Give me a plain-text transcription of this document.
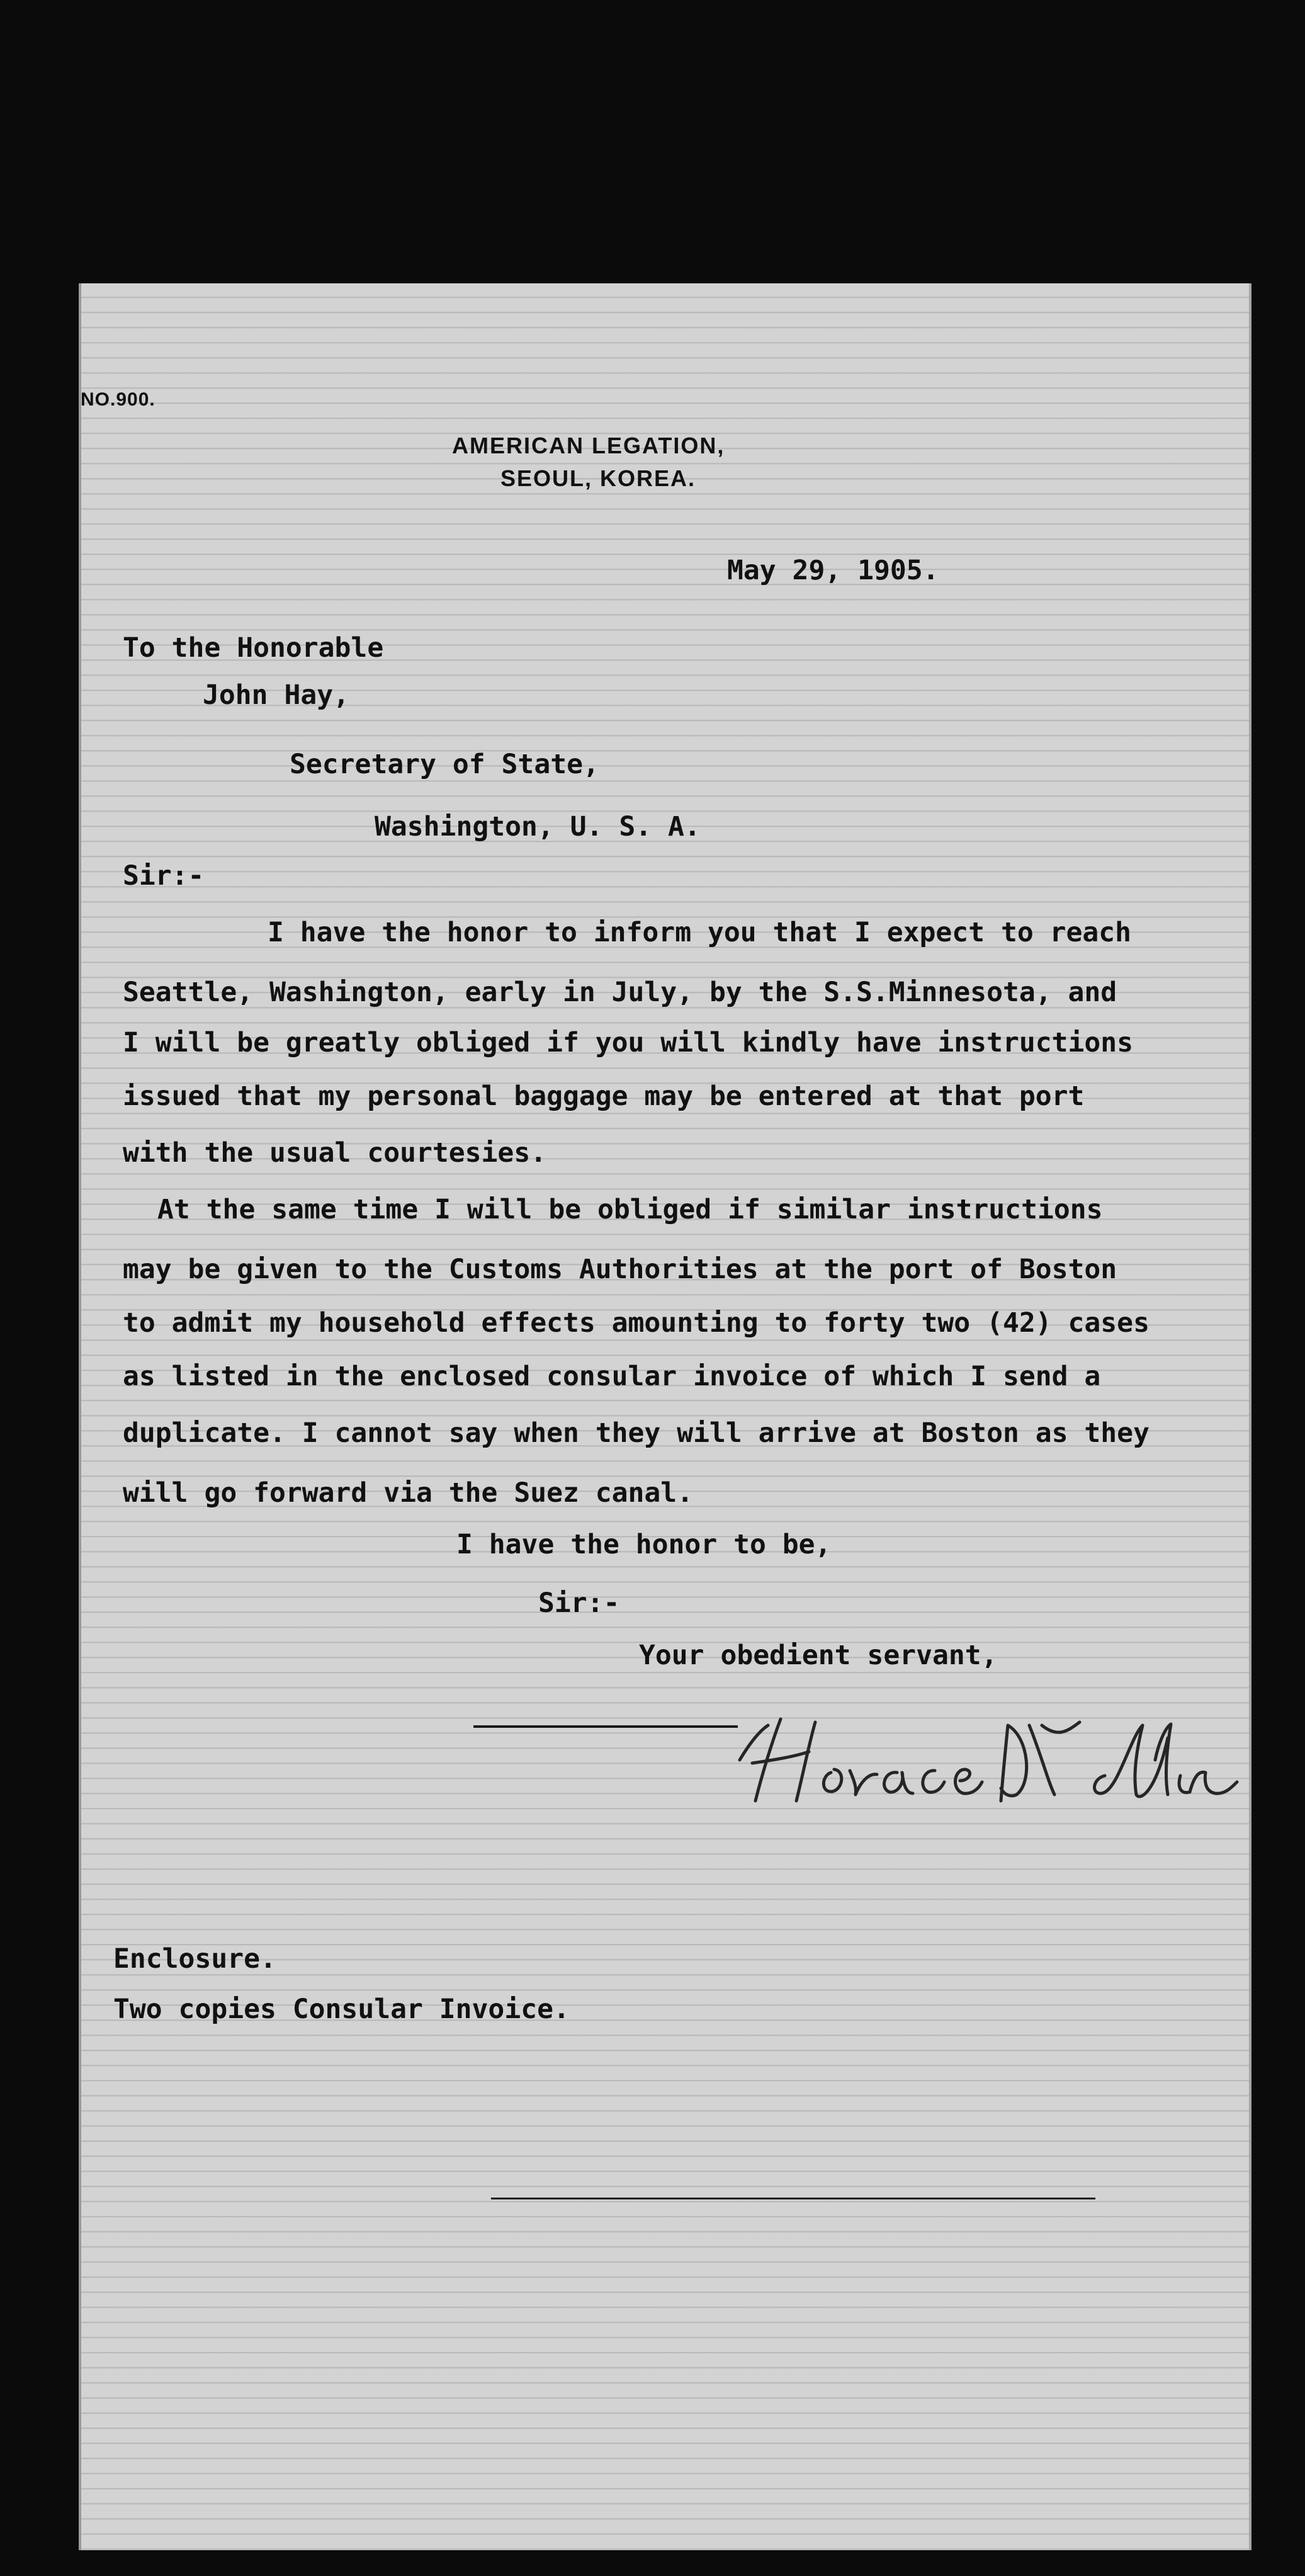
NO.900.

AMERICAN LEGATION,

SEOUL, KOREA.

May 29, 1905.

To the Honorable

John Hay,

Secretary of State,

Washington, U. S. A.

Sir:-

I have the honor to inform you that I expect to reach

Seattle, Washington, early in July, by the S.S.Minnesota, and

I will be greatly obliged if you will kindly have instructions

issued that my personal baggage may be entered at that port

with the usual courtesies.

At the same time I will be obliged if similar instructions

may be given to the Customs Authorities at the port of Boston

to admit my household effects amounting to forty two (42) cases

as listed in the enclosed consular invoice of which I send a

duplicate. I cannot say when they will arrive at Boston as they

will go forward via the Suez canal.

I have the honor to be,

Sir:-

Your obedient servant,

Enclosure.

Two copies Consular Invoice.
